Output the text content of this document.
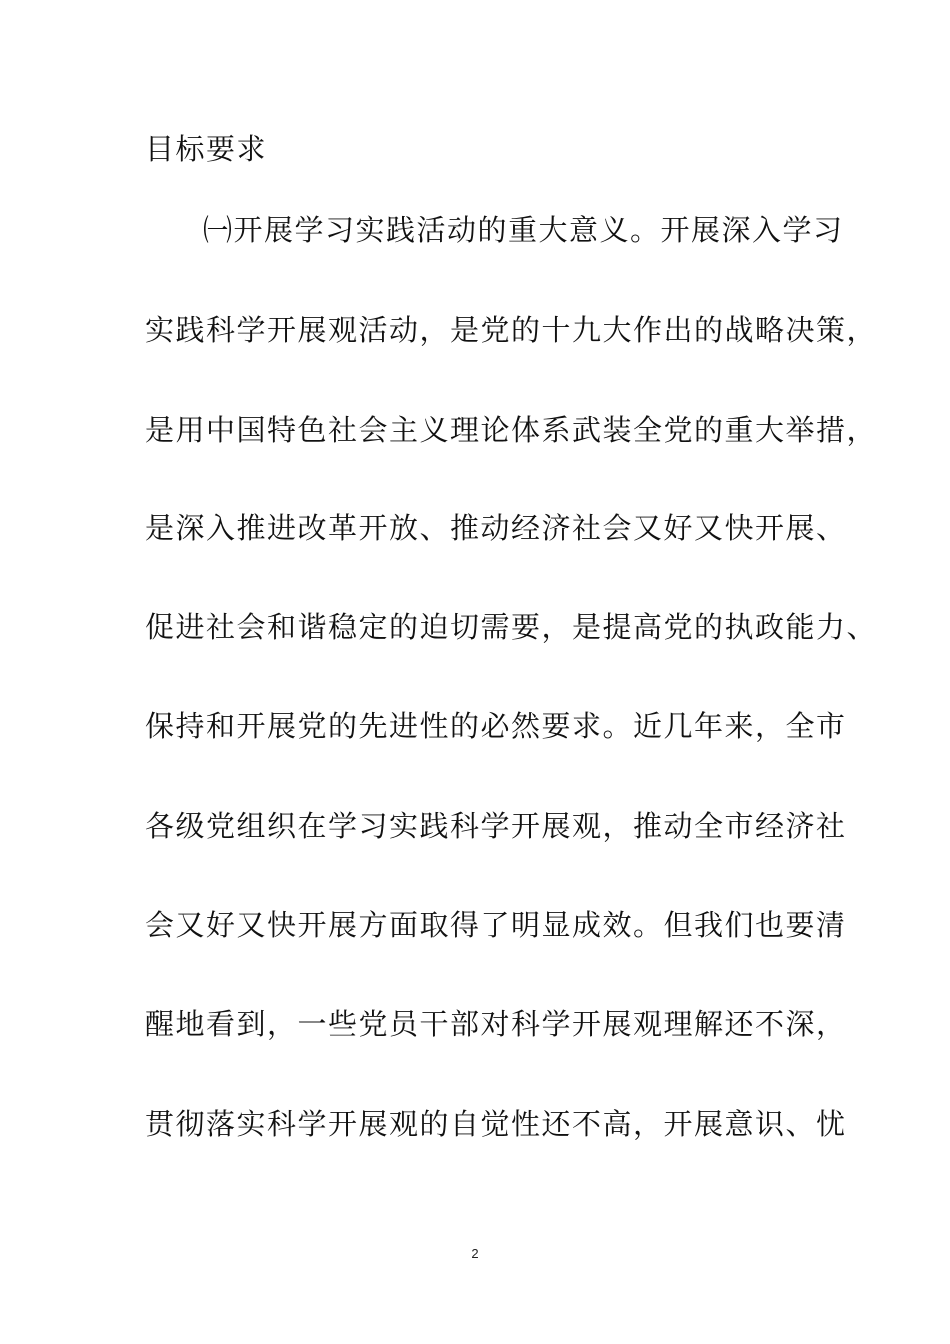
目标要求
㈠开展学习实践活动的重大意义。开展深入学习
实践科学开展观活动，是党的十九大作出的战略决策，
是用中国特色社会主义理论体系武装全党的重大举措，
是深入推进改革开放、推动经济社会又好又快开展、
促进社会和谐稳定的迫切需要，是提高党的执政能力、
保持和开展党的先进性的必然要求。近几年来，全市
各级党组织在学习实践科学开展观，推动全市经济社
会又好又快开展方面取得了明显成效。但我们也要清
醒地看到，一些党员干部对科学开展观理解还不深，
贯彻落实科学开展观的自觉性还不高，开展意识、忧
2
